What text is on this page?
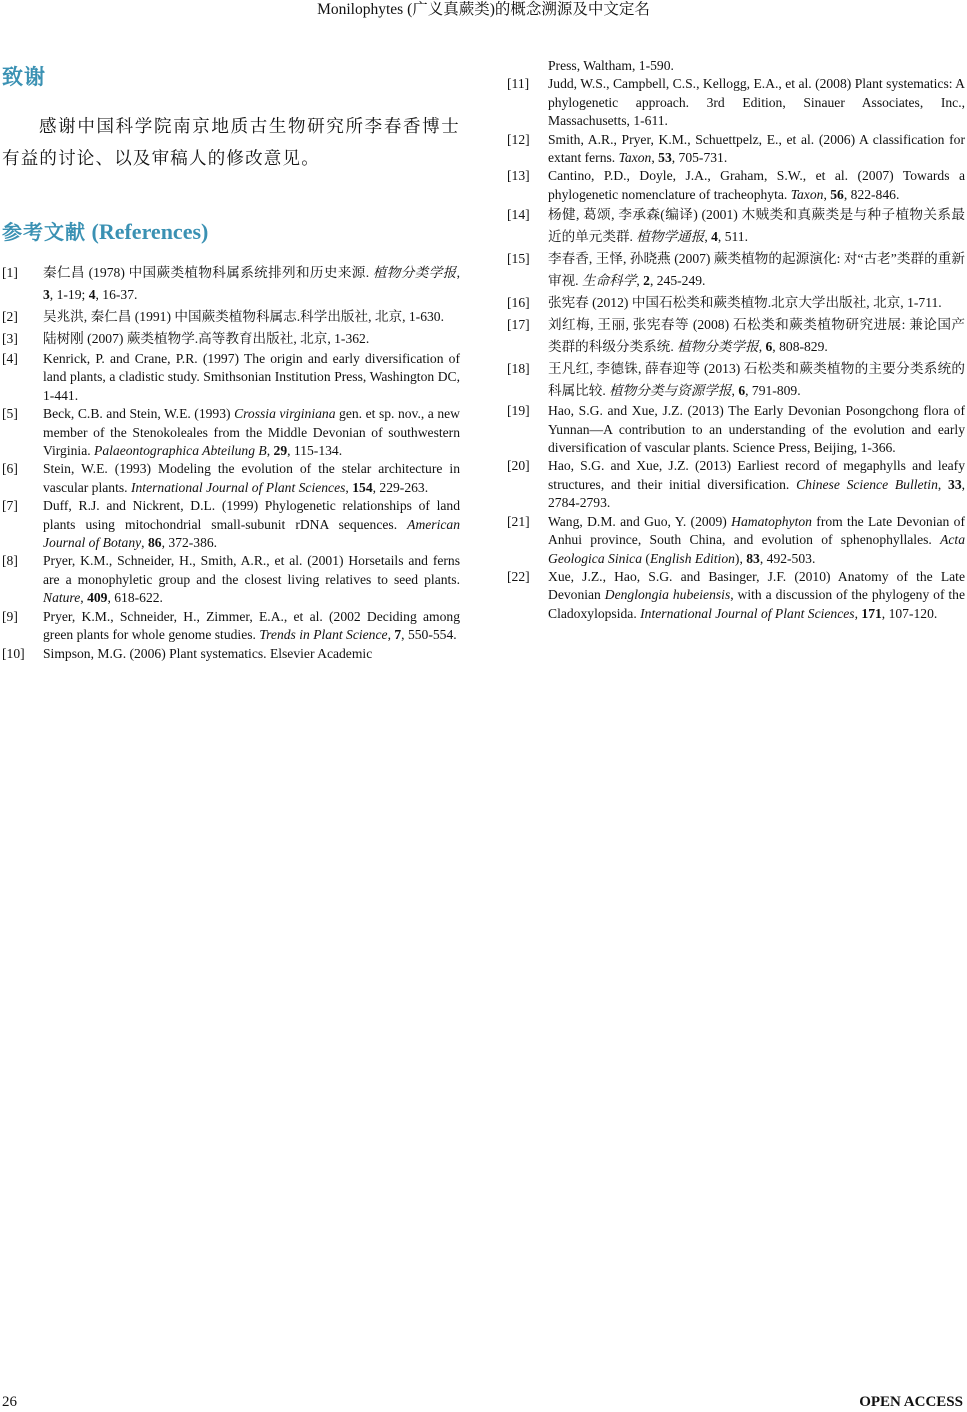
Monilophytes (广义真蕨类)的概念溯源及中文定名
致谢
感谢中国科学院南京地质古生物研究所李春香博士有益的讨论、以及审稿人的修改意见。
参考文献 (References)
[1] 秦仁昌 (1978) 中国蕨类植物科属系统排列和历史来源. 植物分类学报, 3, 1-19; 4, 16-37.
[2] 吴兆洪, 秦仁昌 (1991) 中国蕨类植物科属志.科学出版社, 北京, 1-630.
[3] 陆树刚 (2007) 蕨类植物学.高等教育出版社, 北京, 1-362.
[4] Kenrick, P. and Crane, P.R. (1997) The origin and early diversification of land plants, a cladistic study. Smithsonian Institution Press, Washington DC, 1-441.
[5] Beck, C.B. and Stein, W.E. (1993) Crossia virginiana gen. et sp. nov., a new member of the Stenokoleales from the Middle Devonian of southwestern Virginia. Palaeontographica Abteilung B, 29, 115-134.
[6] Stein, W.E. (1993) Modeling the evolution of the stelar architecture in vascular plants. International Journal of Plant Sciences, 154, 229-263.
[7] Duff, R.J. and Nickrent, D.L. (1999) Phylogenetic relationships of land plants using mitochondrial small-subunit rDNA sequences. American Journal of Botany, 86, 372-386.
[8] Pryer, K.M., Schneider, H., Smith, A.R., et al. (2001) Horsetails and ferns are a monophyletic group and the closest living relatives to seed plants. Nature, 409, 618-622.
[9] Pryer, K.M., Schneider, H., Zimmer, E.A., et al. (2002 Deciding among green plants for whole genome studies. Trends in Plant Science, 7, 550-554.
[10] Simpson, M.G. (2006) Plant systematics. Elsevier Academic
Press, Waltham, 1-590.
[11] Judd, W.S., Campbell, C.S., Kellogg, E.A., et al. (2008) Plant systematics: A phylogenetic approach. 3rd Edition, Sinauer Associates, Inc., Massachusetts, 1-611.
[12] Smith, A.R., Pryer, K.M., Schuettpelz, E., et al. (2006) A classification for extant ferns. Taxon, 53, 705-731.
[13] Cantino, P.D., Doyle, J.A., Graham, S.W., et al. (2007) Towards a phylogenetic nomenclature of tracheophyta. Taxon, 56, 822-846.
[14] 杨健, 葛颂, 李承森(编译) (2001) 木贼类和真蕨类是与种子植物关系最近的单元类群. 植物学通报, 4, 511.
[15] 李春香, 王怿, 孙晓燕 (2007) 蕨类植物的起源演化: 对“古老”类群的重新审视. 生命科学, 2, 245-249.
[16] 张宪春 (2012) 中国石松类和蕨类植物.北京大学出版社, 北京, 1-711.
[17] 刘红梅, 王丽, 张宪春等 (2008) 石松类和蕨类植物研究进展: 兼论国产类群的科级分类系统. 植物分类学报, 6, 808-829.
[18] 王凡红, 李德铢, 薛春迎等 (2013) 石松类和蕨类植物的主要分类系统的科属比较. 植物分类与资源学报, 6, 791-809.
[19] Hao, S.G. and Xue, J.Z. (2013) The Early Devonian Posongchong flora of Yunnan—A contribution to an understanding of the evolution and early diversification of vascular plants. Science Press, Beijing, 1-366.
[20] Hao, S.G. and Xue, J.Z. (2013) Earliest record of megaphylls and leafy structures, and their initial diversification. Chinese Science Bulletin, 33, 2784-2793.
[21] Wang, D.M. and Guo, Y. (2009) Hamatophyton from the Late Devonian of Anhui province, South China, and evolution of sphenophyllales. Acta Geologica Sinica (English Edition), 83, 492-503.
[22] Xue, J.Z., Hao, S.G. and Basinger, J.F. (2010) Anatomy of the Late Devonian Denglongia hubeiensis, with a discussion of the phylogeny of the Cladoxylopsida. International Journal of Plant Sciences, 171, 107-120.
26	OPEN ACCESS
